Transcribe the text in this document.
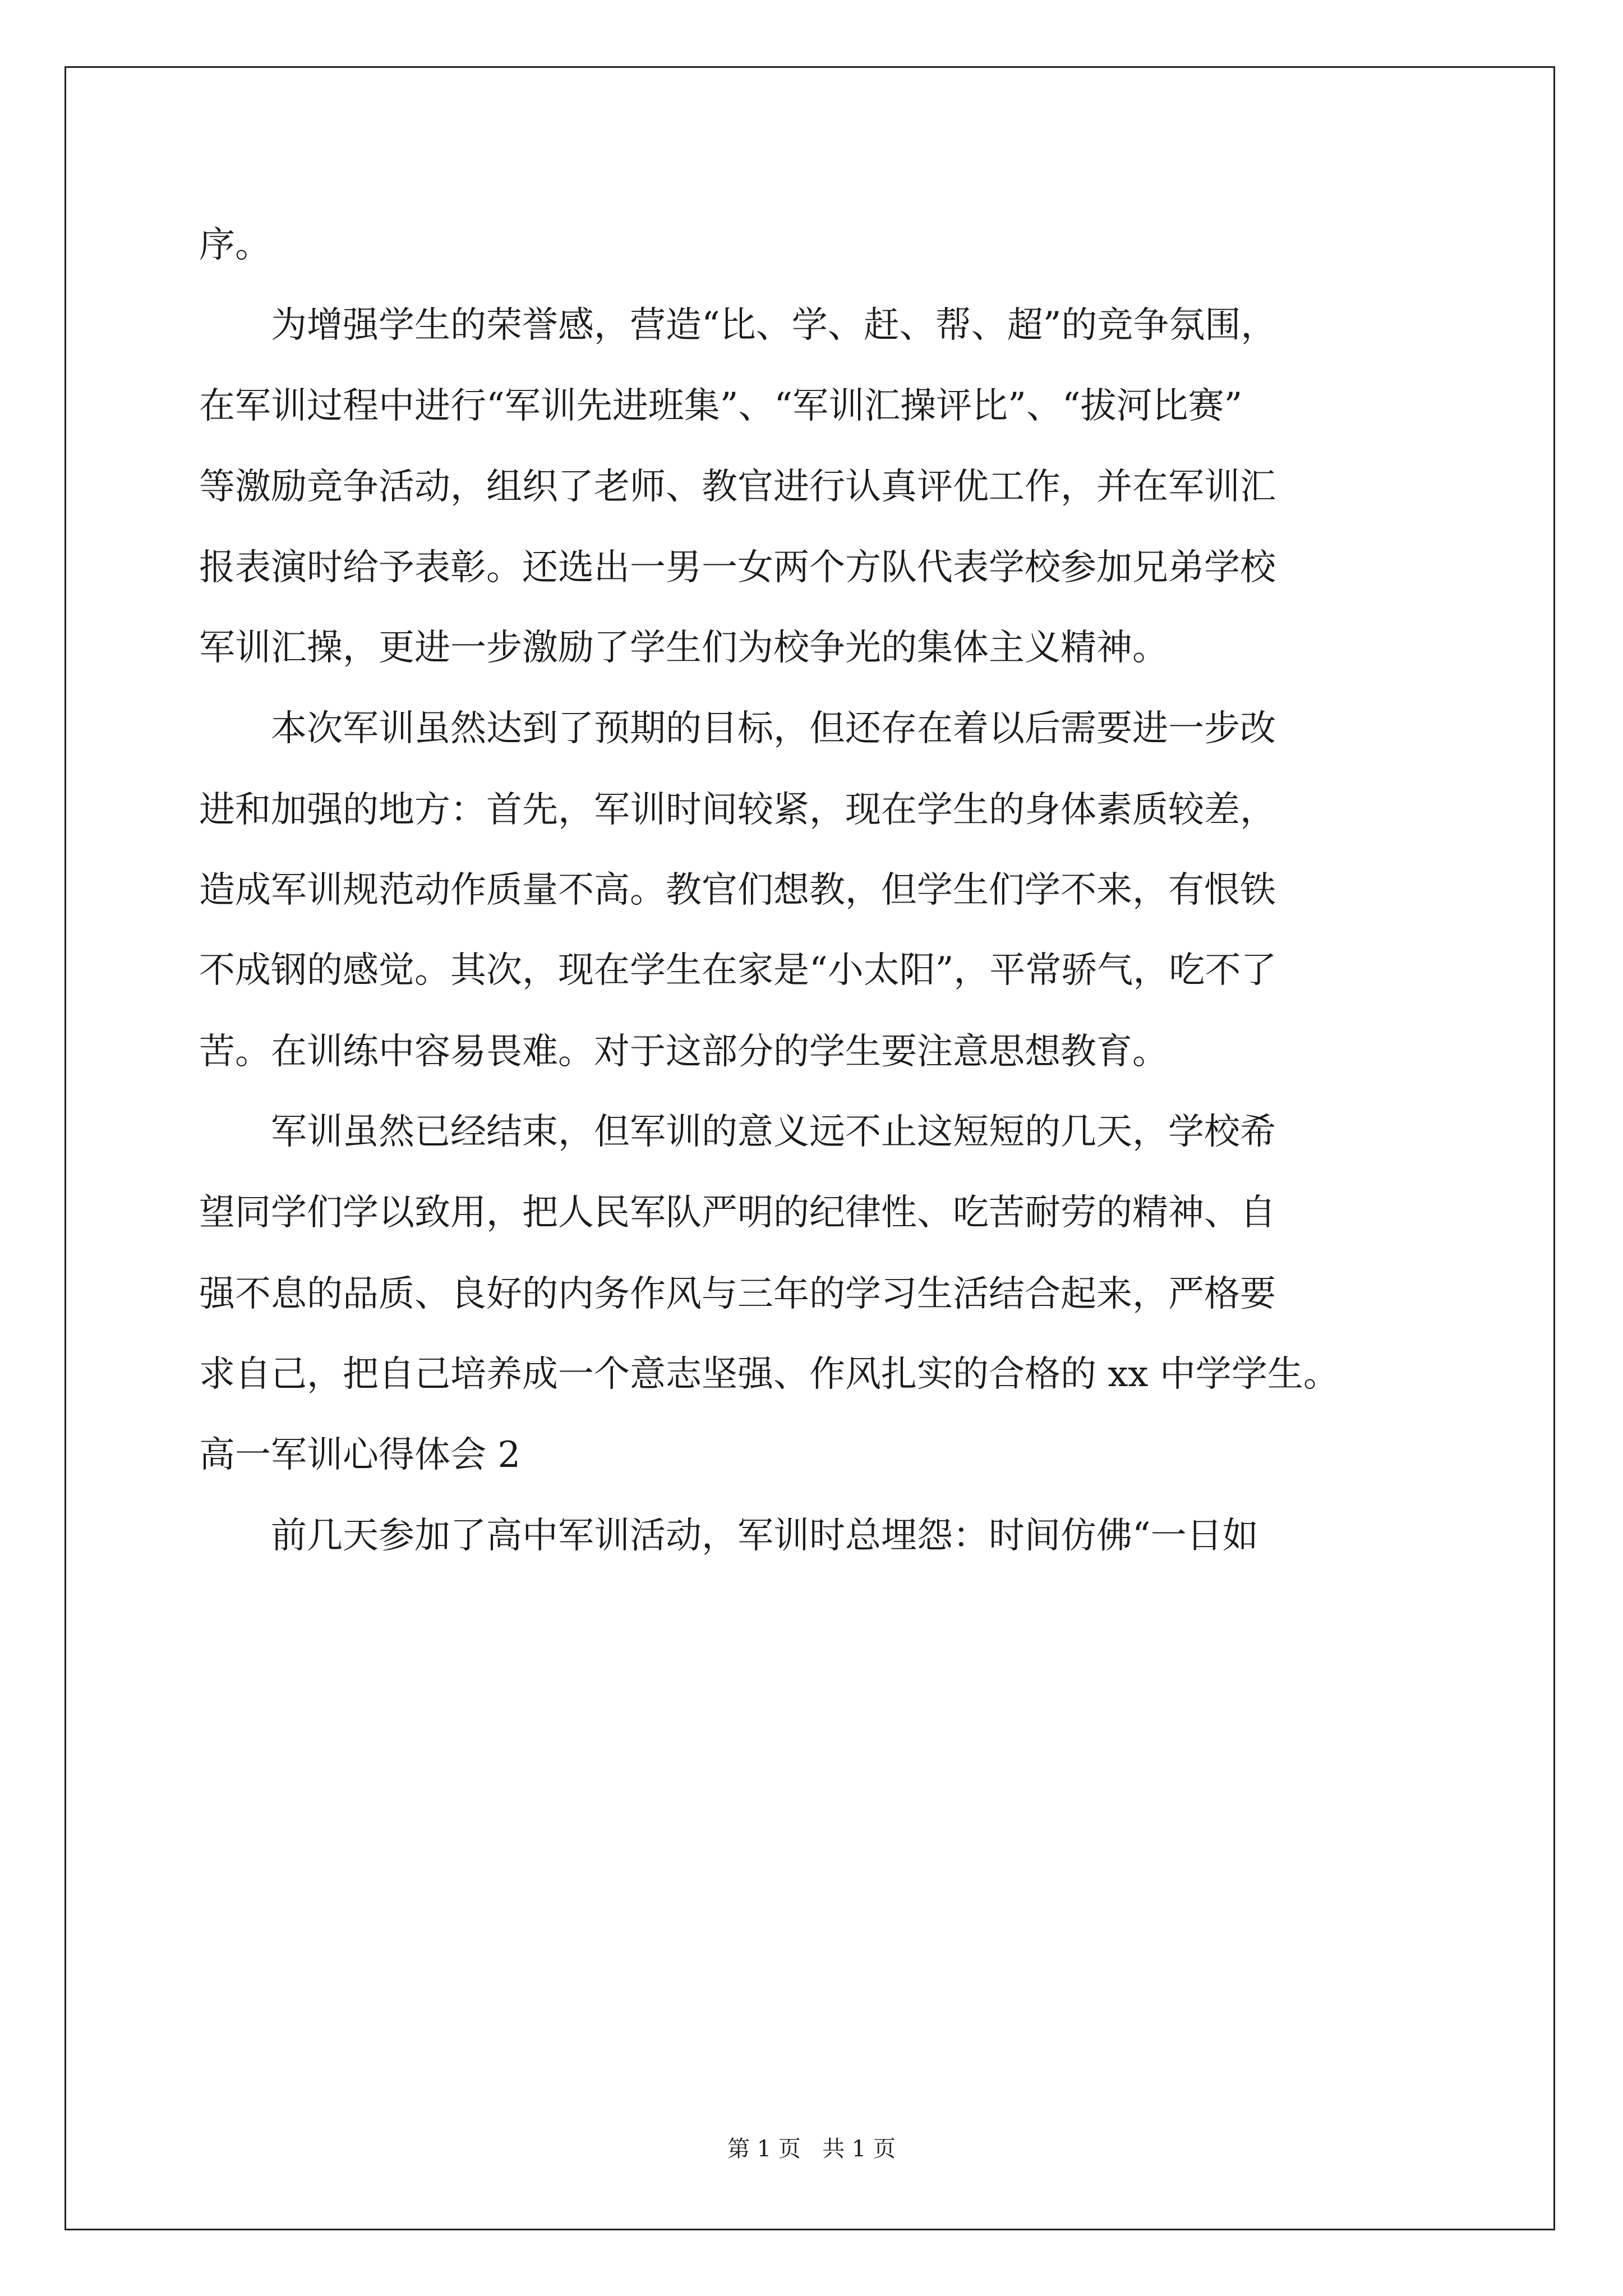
序。
　　为增强学生的荣誉感，营造“比、学、赶、帮、超”的竞争氛围，
在军训过程中进行“军训先进班集”、“军训汇操评比”、“拔河比赛”
等激励竞争活动，组织了老师、教官进行认真评优工作，并在军训汇
报表演时给予表彰。还选出一男一女两个方队代表学校参加兄弟学校
军训汇操，更进一步激励了学生们为校争光的集体主义精神。
　　本次军训虽然达到了预期的目标，但还存在着以后需要进一步改
进和加强的地方：首先，军训时间较紧，现在学生的身体素质较差，
造成军训规范动作质量不高。教官们想教，但学生们学不来，有恨铁
不成钢的感觉。其次，现在学生在家是“小太阳”，平常骄气，吃不了
苦。在训练中容易畏难。对于这部分的学生要注意思想教育。
　　军训虽然已经结束，但军训的意义远不止这短短的几天，学校希
望同学们学以致用，把人民军队严明的纪律性、吃苦耐劳的精神、自
强不息的品质、良好的内务作风与三年的学习生活结合起来，严格要
求自己，把自己培养成一个意志坚强、作风扎实的合格的 xx 中学学生。
高一军训心得体会 2
　　前几天参加了高中军训活动，军训时总埋怨：时间仿佛“一日如
第 1 页   共 1 页
